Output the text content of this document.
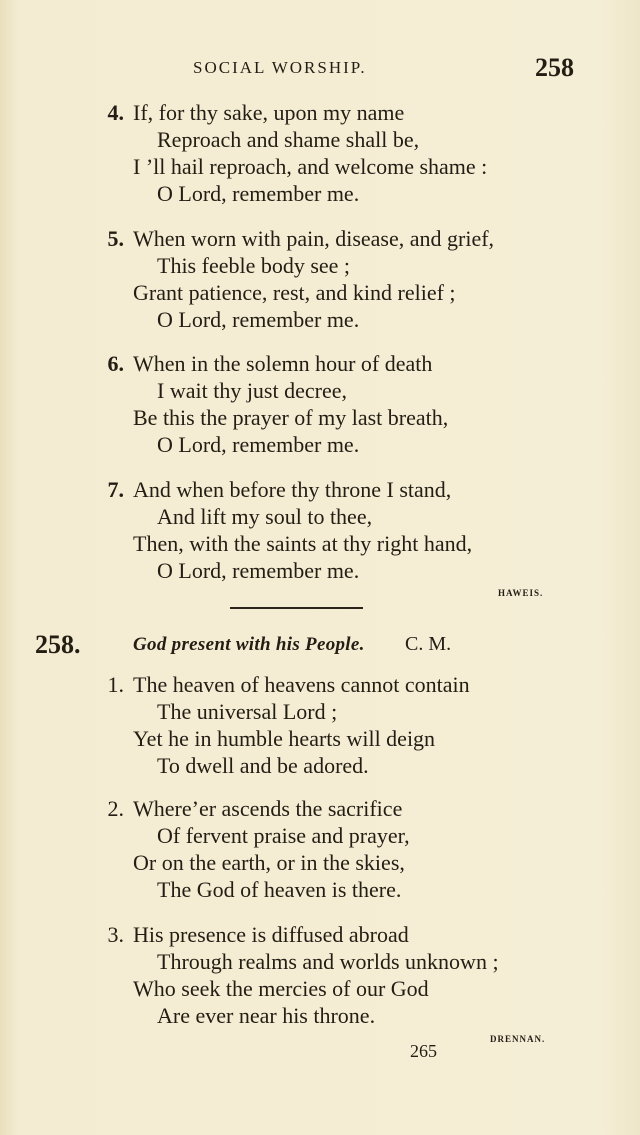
SOCIAL WORSHIP.	258
4. If, for thy sake, upon my name
Reproach and shame shall be,
I ’ll hail reproach, and welcome shame :
O Lord, remember me.
5. When worn with pain, disease, and grief,
This feeble body see ;
Grant patience, rest, and kind relief ;
O Lord, remember me.
6. When in the solemn hour of death
I wait thy just decree,
Be this the prayer of my last breath,
O Lord, remember me.
7. And when before thy throne I stand,
And lift my soul to thee,
Then, with the saints at thy right hand,
O Lord, remember me.
HAWEIS.
258.	God present with his People. C. M.
1. The heaven of heavens cannot contain
The universal Lord ;
Yet he in humble hearts will deign
To dwell and be adored.
2. Where’er ascends the sacrifice
Of fervent praise and prayer,
Or on the earth, or in the skies,
The God of heaven is there.
3. His presence is diffused abroad
Through realms and worlds unknown ;
Who seek the mercies of our God
Are ever near his throne.
DRENNAN.
265
